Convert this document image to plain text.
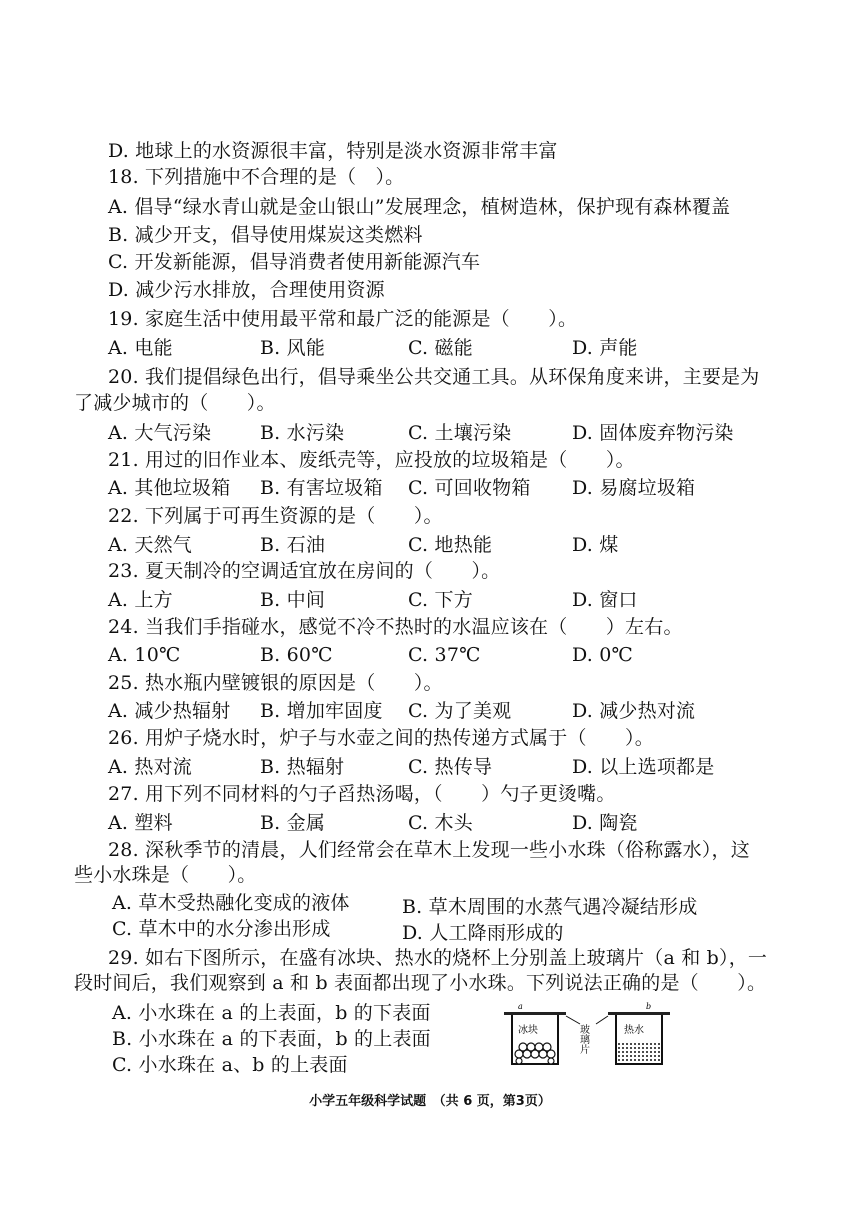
D. 地球上的水资源很丰富，特别是淡水资源非常丰富
18. 下列措施中不合理的是（　）。
A. 倡导“绿水青山就是金山银山”发展理念，植树造林，保护现有森林覆盖
B. 减少开支，倡导使用煤炭这类燃料
C. 开发新能源，倡导消费者使用新能源汽车
D. 减少污水排放，合理使用资源
19. 家庭生活中使用最平常和最广泛的能源是（　　）。
A. 电能	B. 风能	C. 磁能	D. 声能
20. 我们提倡绿色出行，倡导乘坐公共交通工具。从环保角度来讲，主要是为
了减少城市的（　　）。
A. 大气污染	B. 水污染	C. 土壤污染	D. 固体废弃物污染
21. 用过的旧作业本、废纸壳等，应投放的垃圾箱是（　　）。
A. 其他垃圾箱 B. 有害垃圾箱 C. 可回收物箱 D. 易腐垃圾箱
22. 下列属于可再生资源的是（　　）。
A. 天然气	B. 石油	C. 地热能	D. 煤
23. 夏天制冷的空调适宜放在房间的（　　）。
A. 上方	B. 中间	C. 下方	D. 窗口
24. 当我们手指碰水，感觉不冷不热时的水温应该在（　　）左右。
A. 10℃	B. 60℃	C. 37℃	D. 0℃
25. 热水瓶内壁镀银的原因是（　　）。
A. 减少热辐射 B. 增加牢固度 C. 为了美观	D. 减少热对流
26. 用炉子烧水时，炉子与水壶之间的热传递方式属于（　　）。
A. 热对流	B. 热辐射	C. 热传导	D. 以上选项都是
27. 用下列不同材料的勺子舀热汤喝，（　　）勺子更烫嘴。
A. 塑料	B. 金属	C. 木头	D. 陶瓷
28. 深秋季节的清晨，人们经常会在草木上发现一些小水珠（俗称露水），这
些小水珠是（　　）。
A. 草木受热融化变成的液体	B. 草木周围的水蒸气遇冷凝结形成
C. 草木中的水分渗出形成	D. 人工降雨形成的
29. 如右下图所示，在盛有冰块、热水的烧杯上分别盖上玻璃片（a 和 b），一
段时间后，我们观察到 a 和 b 表面都出现了小水珠。下列说法正确的是（　　）。
A. 小水珠在 a 的上表面，b 的下表面
B. 小水珠在 a 的下表面，b 的上表面
C. 小水珠在 a、b 的上表面
a	b
冰块	热水
玻璃片
小学五年级科学试题　（共 6 页，第3页）
